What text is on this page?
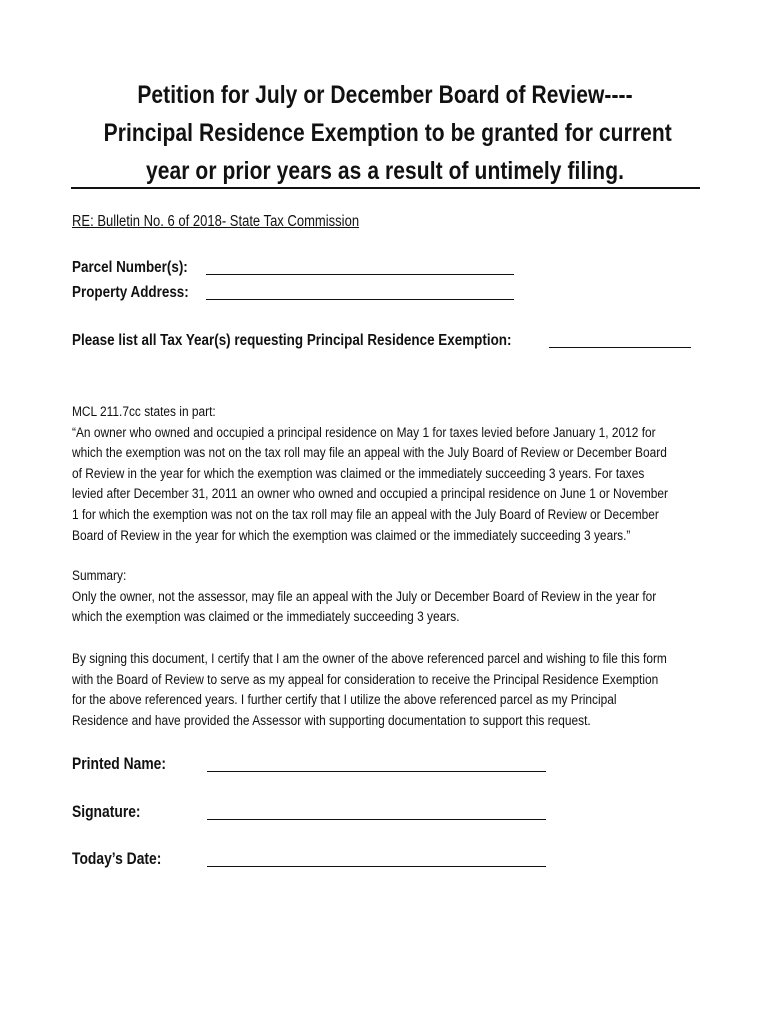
Petition for July or December Board of Review----
Principal Residence Exemption to be granted for current
year or prior years as a result of untimely filing.
RE: Bulletin No. 6 of 2018- State Tax Commission
Parcel Number(s):
Property Address:
Please list all Tax Year(s) requesting Principal Residence Exemption:
MCL 211.7cc states in part:
“An owner who owned and occupied a principal residence on May 1 for taxes levied before January 1, 2012 for
which the exemption was not on the tax roll may file an appeal with the July Board of Review or December Board
of Review in the year for which the exemption was claimed or the immediately succeeding 3 years. For taxes
levied after December 31, 2011 an owner who owned and occupied a principal residence on June 1 or November
1 for which the exemption was not on the tax roll may file an appeal with the July Board of Review or December
Board of Review in the year for which the exemption was claimed or the immediately succeeding 3 years.”
Summary:
Only the owner, not the assessor, may file an appeal with the July or December Board of Review in the year for
which the exemption was claimed or the immediately succeeding 3 years.
By signing this document, I certify that I am the owner of the above referenced parcel and wishing to file this form
with the Board of Review to serve as my appeal for consideration to receive the Principal Residence Exemption
for the above referenced years. I further certify that I utilize the above referenced parcel as my Principal
Residence and have provided the Assessor with supporting documentation to support this request.
Printed Name:
Signature:
Today’s Date:
